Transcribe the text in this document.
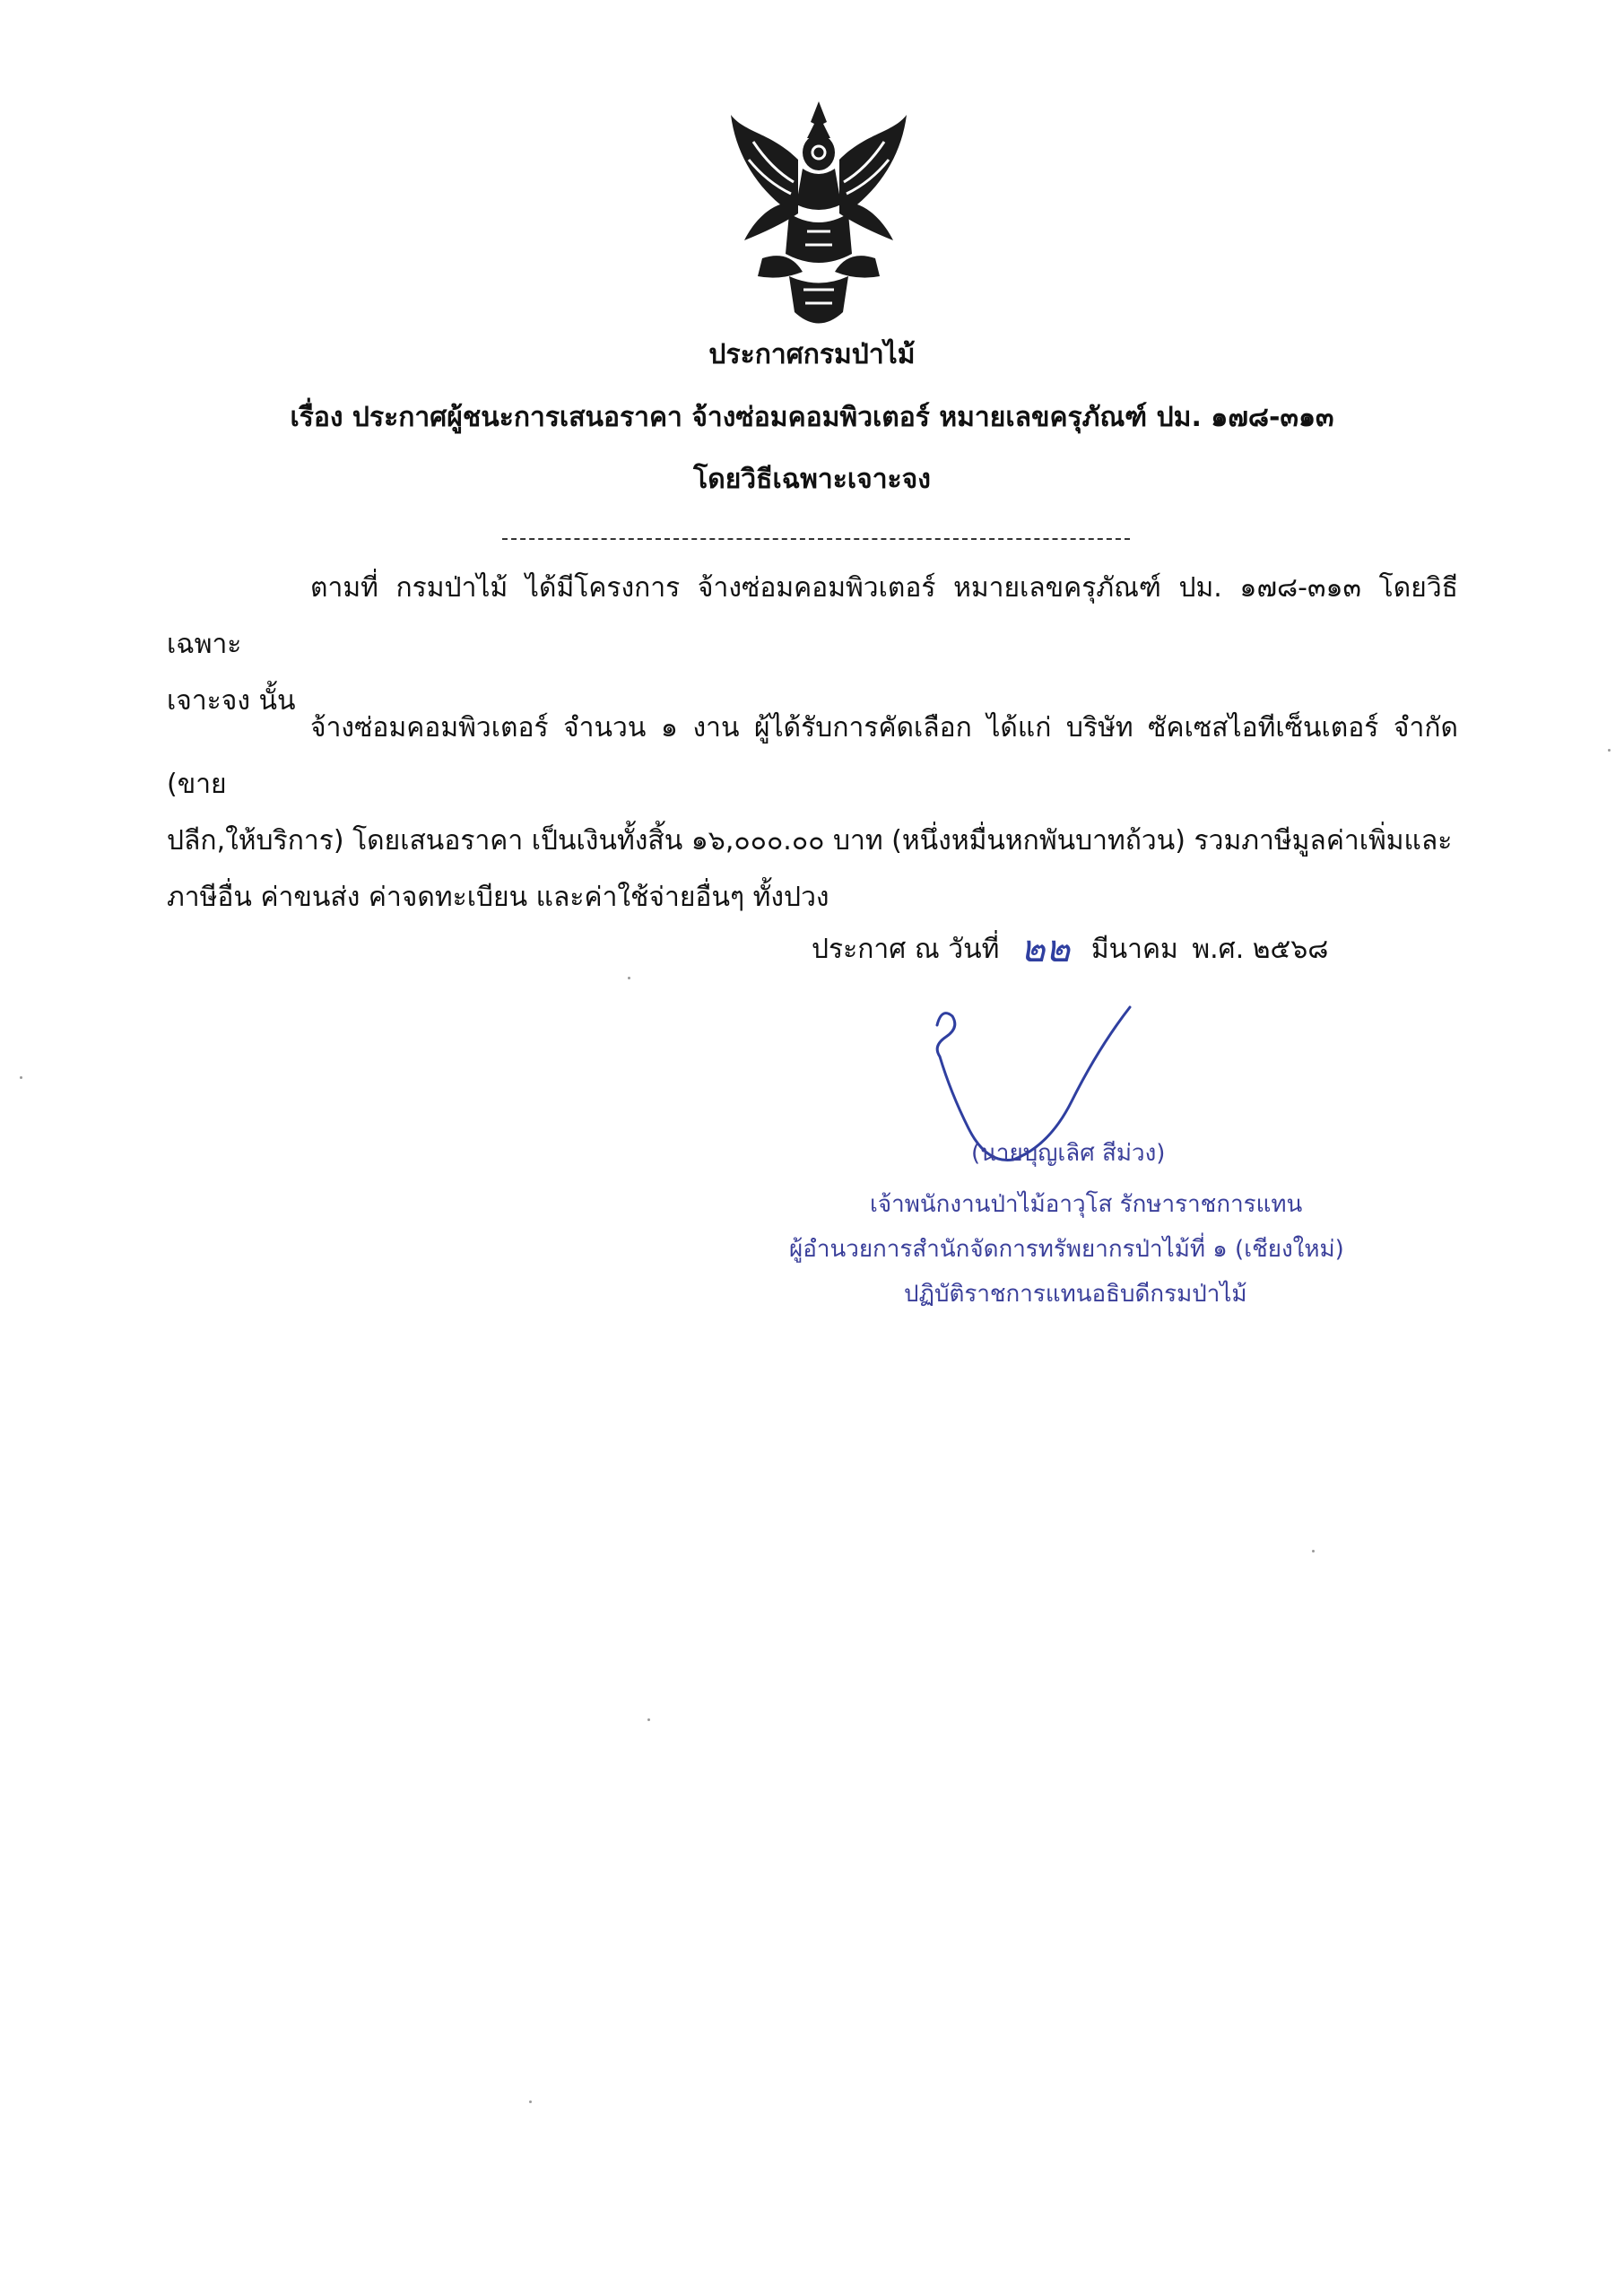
ประกาศกรมป่าไม้
เรื่อง ประกาศผู้ชนะการเสนอราคา จ้างซ่อมคอมพิวเตอร์ หมายเลขครุภัณฑ์ ปม. ๑๗๘-๓๑๓
โดยวิธีเฉพาะเจาะจง
ตามที่ กรมป่าไม้ ได้มีโครงการ จ้างซ่อมคอมพิวเตอร์ หมายเลขครุภัณฑ์ ปม. ๑๗๘-๓๑๓ โดยวิธีเฉพาะ
เจาะจง นั้น
จ้างซ่อมคอมพิวเตอร์ จำนวน ๑ งาน ผู้ได้รับการคัดเลือก ได้แก่ บริษัท ซัคเซสไอทีเซ็นเตอร์ จำกัด (ขาย
ปลีก,ให้บริการ) โดยเสนอราคา เป็นเงินทั้งสิ้น ๑๖,๐๐๐.๐๐ บาท (หนึ่งหมื่นหกพันบาทถ้วน) รวมภาษีมูลค่าเพิ่มและ
ภาษีอื่น ค่าขนส่ง ค่าจดทะเบียน และค่าใช้จ่ายอื่นๆ ทั้งปวง
ประกาศ ณ วันที่ ๒๒ มีนาคม พ.ศ. ๒๕๖๘
(นายบุญเลิศ สีม่วง)
เจ้าพนักงานป่าไม้อาวุโส รักษาราชการแทน
ผู้อำนวยการสำนักจัดการทรัพยากรป่าไม้ที่ ๑ (เชียงใหม่)
ปฏิบัติราชการแทนอธิบดีกรมป่าไม้
